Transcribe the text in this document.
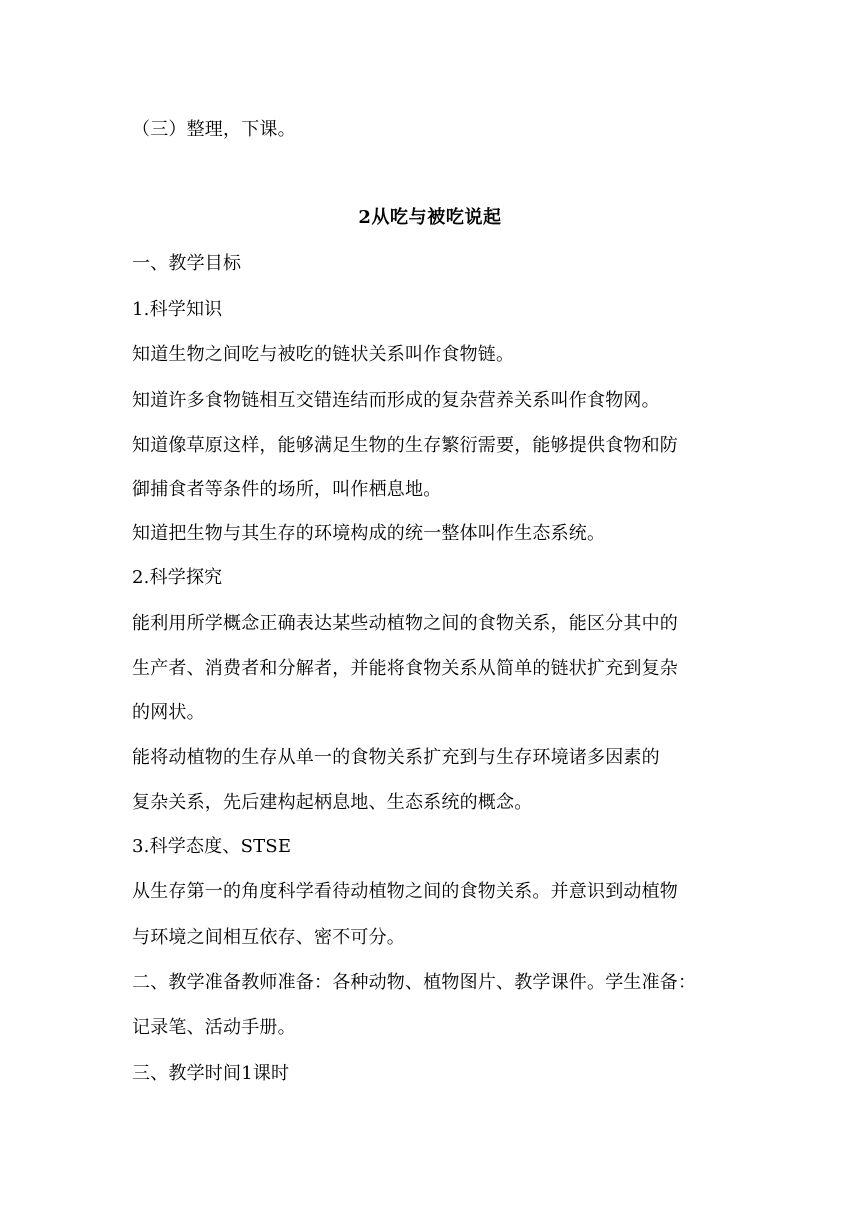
（三）整理，下课。
2从吃与被吃说起
一、教学目标
1.科学知识
知道生物之间吃与被吃的链状关系叫作食物链。
知道许多食物链相互交错连结而形成的复杂营养关系叫作食物网。
知道像草原这样，能够满足生物的生存繁衍需要，能够提供食物和防
御捕食者等条件的场所，叫作栖息地。
知道把生物与其生存的环境构成的统一整体叫作生态系统。
2.科学探究
能利用所学概念正确表达某些动植物之间的食物关系，能区分其中的
生产者、消费者和分解者，并能将食物关系从简单的链状扩充到复杂
的网状。
能将动植物的生存从单一的食物关系扩充到与生存环境诸多因素的
复杂关系，先后建构起柄息地、生态系统的概念。
3.科学态度、STSE
从生存第一的角度科学看待动植物之间的食物关系。并意识到动植物
与环境之间相互依存、密不可分。
二、教学准备教师准备：各种动物、植物图片、教学课件。学生准备：
记录笔、活动手册。
三、教学时间1课时
